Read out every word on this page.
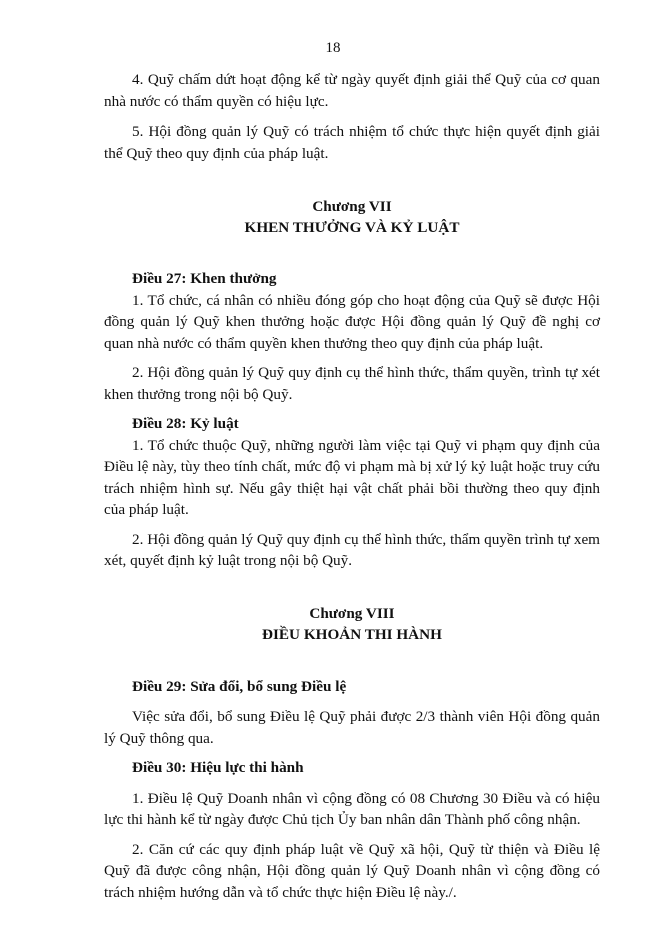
18

4. Quỹ chấm dứt hoạt động kể từ ngày quyết định giải thể Quỹ của cơ quan nhà nước có thẩm quyền có hiệu lực.

5. Hội đồng quản lý Quỹ có trách nhiệm tổ chức thực hiện quyết định giải thể Quỹ theo quy định của pháp luật.

Chương VII
KHEN THƯỞNG VÀ KỶ LUẬT
Điều 27: Khen thưởng

1. Tổ chức, cá nhân có nhiều đóng góp cho hoạt động của Quỹ sẽ được Hội đồng quản lý Quỹ khen thưởng hoặc được Hội đồng quản lý Quỹ đề nghị cơ quan nhà nước có thẩm quyền khen thưởng theo quy định của pháp luật.

2. Hội đồng quản lý Quỹ quy định cụ thể hình thức, thẩm quyền, trình tự xét khen thưởng trong nội bộ Quỹ.

Điều 28: Kỷ luật

1. Tổ chức thuộc Quỹ, những người làm việc tại Quỹ vi phạm quy định của Điều lệ này, tùy theo tính chất, mức độ vi phạm mà bị xử lý kỷ luật hoặc truy cứu trách nhiệm hình sự. Nếu gây thiệt hại vật chất phải bồi thường theo quy định của pháp luật.

2. Hội đồng quản lý Quỹ quy định cụ thể hình thức, thẩm quyền trình tự xem xét, quyết định kỷ luật trong nội bộ Quỹ.

Chương VIII
ĐIỀU KHOẢN THI HÀNH
Điều 29: Sửa đổi, bổ sung Điều lệ

Việc sửa đổi, bổ sung Điều lệ Quỹ phải được 2/3 thành viên Hội đồng quản lý Quỹ thông qua.

Điều 30: Hiệu lực thi hành

1. Điều lệ Quỹ Doanh nhân vì cộng đồng có 08 Chương 30 Điều và có hiệu lực thi hành kể từ ngày được Chủ tịch Ủy ban nhân dân Thành phố công nhận.

2. Căn cứ các quy định pháp luật về Quỹ xã hội, Quỹ từ thiện và Điều lệ Quỹ đã được công nhận, Hội đồng quản lý Quỹ Doanh nhân vì cộng đồng có trách nhiệm hướng dẫn và tổ chức thực hiện Điều lệ này./.
